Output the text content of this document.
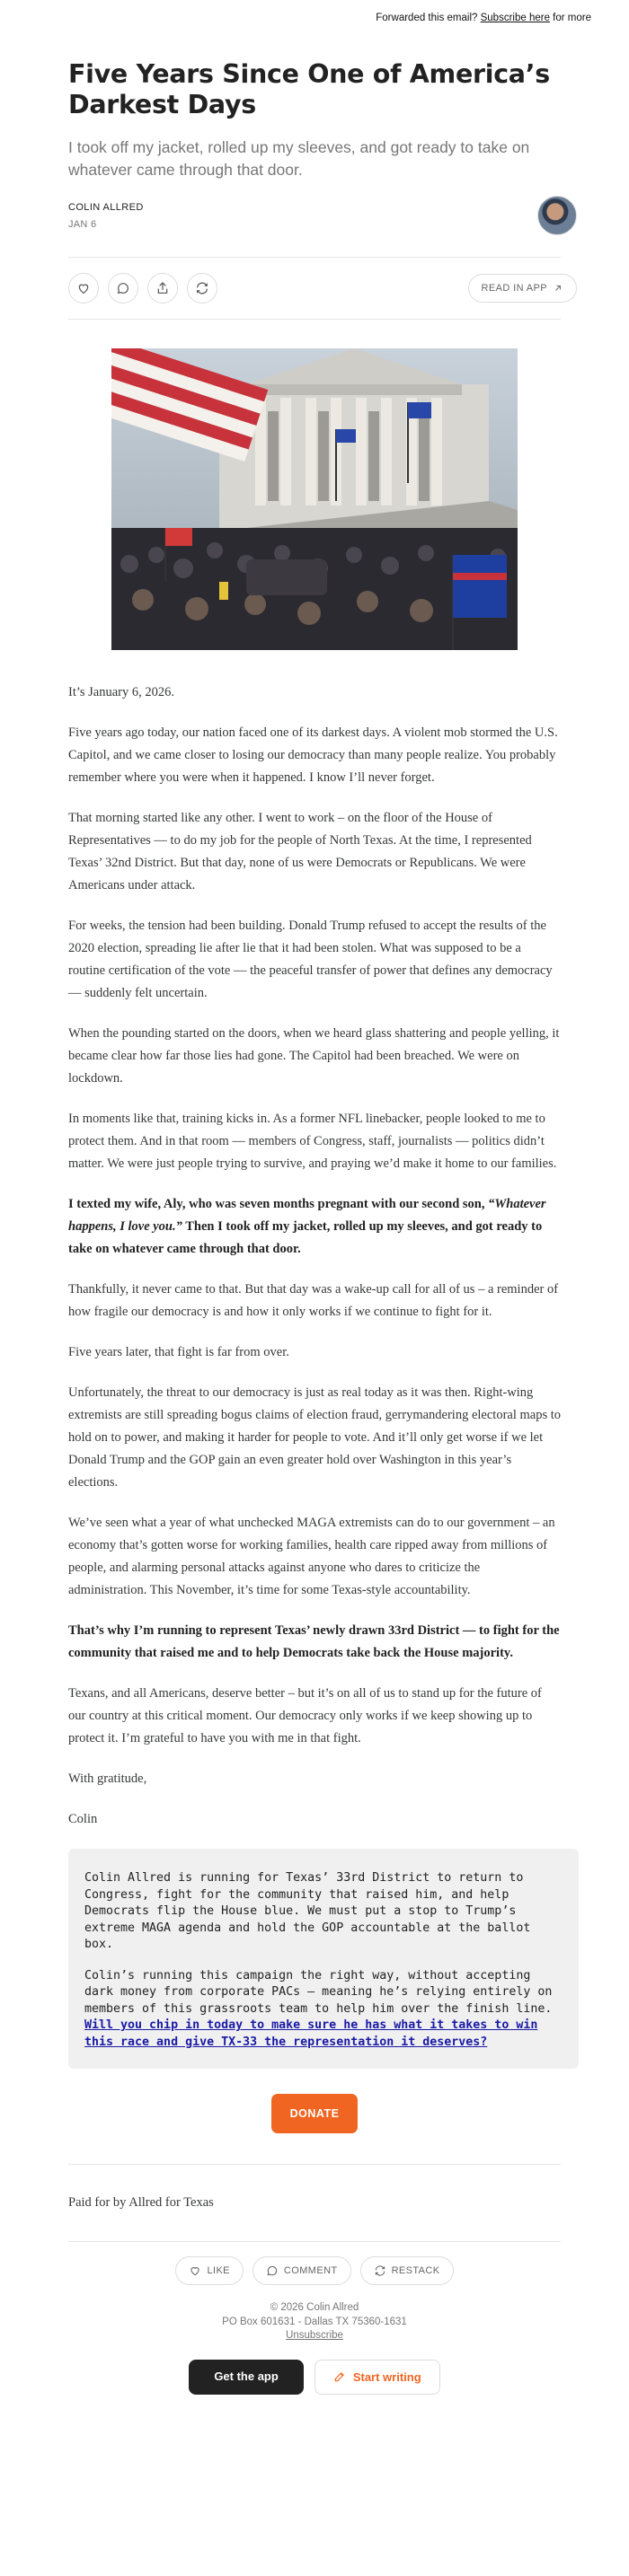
Forwarded this email? Subscribe here for more
Five Years Since One of America’s Darkest Days
I took off my jacket, rolled up my sleeves, and got ready to take on whatever came through that door.
COLIN ALLRED
JAN 6
READ IN APP

It’s January 6, 2026.

Five years ago today, our nation faced one of its darkest days. A violent mob stormed the U.S. Capitol, and we came closer to losing our democracy than many people realize. You probably remember where you were when it happened. I know I’ll never forget.

That morning started like any other. I went to work – on the floor of the House of Representatives — to do my job for the people of North Texas. At the time, I represented Texas’ 32nd District. But that day, none of us were Democrats or Republicans. We were Americans under attack.

For weeks, the tension had been building. Donald Trump refused to accept the results of the 2020 election, spreading lie after lie that it had been stolen. What was supposed to be a routine certification of the vote — the peaceful transfer of power that defines any democracy — suddenly felt uncertain.

When the pounding started on the doors, when we heard glass shattering and people yelling, it became clear how far those lies had gone. The Capitol had been breached. We were on lockdown.

In moments like that, training kicks in. As a former NFL linebacker, people looked to me to protect them. And in that room — members of Congress, staff, journalists — politics didn’t matter. We were just people trying to survive, and praying we’d make it home to our families.

I texted my wife, Aly, who was seven months pregnant with our second son, “Whatever happens, I love you.” Then I took off my jacket, rolled up my sleeves, and got ready to take on whatever came through that door.

Thankfully, it never came to that. But that day was a wake-up call for all of us – a reminder of how fragile our democracy is and how it only works if we continue to fight for it.

Five years later, that fight is far from over.

Unfortunately, the threat to our democracy is just as real today as it was then. Right-wing extremists are still spreading bogus claims of election fraud, gerrymandering electoral maps to hold on to power, and making it harder for people to vote. And it’ll only get worse if we let Donald Trump and the GOP gain an even greater hold over Washington in this year’s elections.

We’ve seen what a year of what unchecked MAGA extremists can do to our government – an economy that’s gotten worse for working families, health care ripped away from millions of people, and alarming personal attacks against anyone who dares to criticize the administration. This November, it’s time for some Texas-style accountability.

That’s why I’m running to represent Texas’ newly drawn 33rd District — to fight for the community that raised me and to help Democrats take back the House majority.

Texans, and all Americans, deserve better – but it’s on all of us to stand up for the future of our country at this critical moment. Our democracy only works if we keep showing up to protect it. I’m grateful to have you with me in that fight.

With gratitude,

Colin

Colin Allred is running for Texas’ 33rd District to return to Congress, fight for the community that raised him, and help Democrats flip the House blue. We must put a stop to Trump’s extreme MAGA agenda and hold the GOP accountable at the ballot box.

Colin’s running this campaign the right way, without accepting dark money from corporate PACs – meaning he’s relying entirely on members of this grassroots team to help him over the finish line. Will you chip in today to make sure he has what it takes to win this race and give TX-33 the representation it deserves?

DONATE
Paid for by Allred for Texas
LIKE	COMMENT	RESTACK
© 2026 Colin Allred
PO Box 601631 - Dallas TX 75360-1631
Unsubscribe
Get the app	Start writing
